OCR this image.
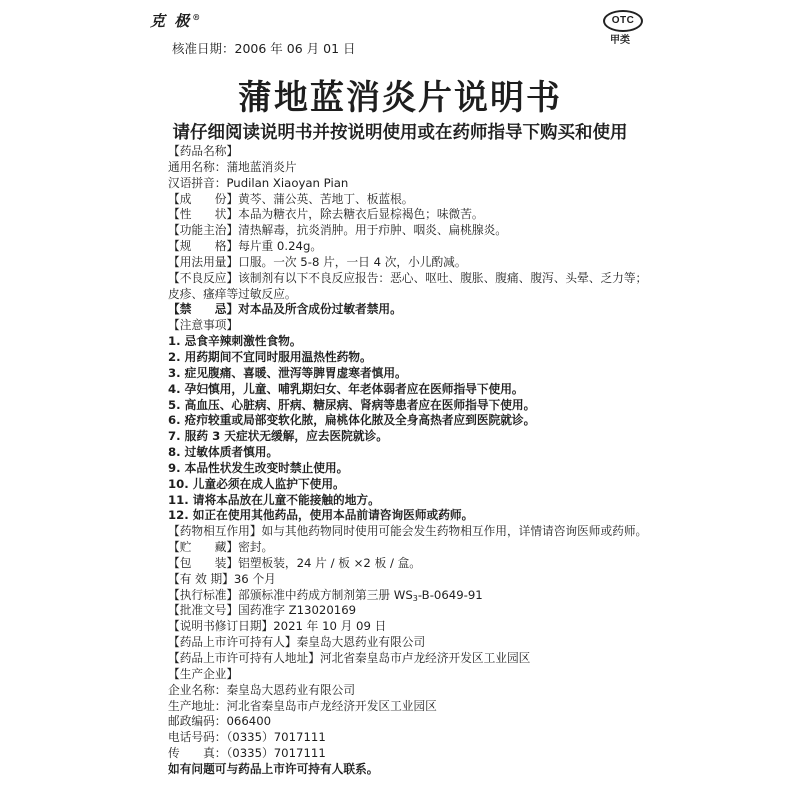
克 极®	OTC
甲类
核准日期：2006 年 06 月 01 日
蒲地蓝消炎片说明书
请仔细阅读说明书并按说明使用或在药师指导下购买和使用
【药品名称】
通用名称：蒲地蓝消炎片
汉语拼音：Pudilan Xiaoyan Pian
【成　　份】黄芩、蒲公英、苦地丁、板蓝根。
【性　　状】本品为糖衣片，除去糖衣后显棕褐色；味微苦。
【功能主治】清热解毒，抗炎消肿。用于疖肿、咽炎、扁桃腺炎。
【规　　格】每片重 0.24g。
【用法用量】口服。一次 5-8 片，一日 4 次，小儿酌减。
【不良反应】该制剂有以下不良反应报告：恶心、呕吐、腹胀、腹痛、腹泻、头晕、乏力等；
皮疹、瘙痒等过敏反应。
【禁　　忌】对本品及所含成份过敏者禁用。
【注意事项】
1. 忌食辛辣刺激性食物。
2. 用药期间不宜同时服用温热性药物。
3. 症见腹痛、喜暖、泄泻等脾胃虚寒者慎用。
4. 孕妇慎用，儿童、哺乳期妇女、年老体弱者应在医师指导下使用。
5. 高血压、心脏病、肝病、糖尿病、肾病等患者应在医师指导下使用。
6. 疮疖较重或局部变软化脓，扁桃体化脓及全身高热者应到医院就诊。
7. 服药 3 天症状无缓解，应去医院就诊。
8. 过敏体质者慎用。
9. 本品性状发生改变时禁止使用。
10. 儿童必须在成人监护下使用。
11. 请将本品放在儿童不能接触的地方。
12. 如正在使用其他药品，使用本品前请咨询医师或药师。
【药物相互作用】如与其他药物同时使用可能会发生药物相互作用，详情请咨询医师或药师。
【贮　　藏】密封。
【包　　装】铝塑板装，24 片 / 板 ×2 板 / 盒。
【有 效 期】36 个月
【执行标准】部颁标准中药成方制剂第三册 $WS_3-B-0649-91$
【批准文号】国药准字 Z13020169
【说明书修订日期】2021 年 10 月 09 日
【药品上市许可持有人】秦皇岛大恩药业有限公司
【药品上市许可持有人地址】河北省秦皇岛市卢龙经济开发区工业园区
【生产企业】
企业名称：秦皇岛大恩药业有限公司
生产地址：河北省秦皇岛市卢龙经济开发区工业园区
邮政编码：066400
电话号码：（0335）7017111
传　　真：（0335）7017111
如有问题可与药品上市许可持有人联系。
